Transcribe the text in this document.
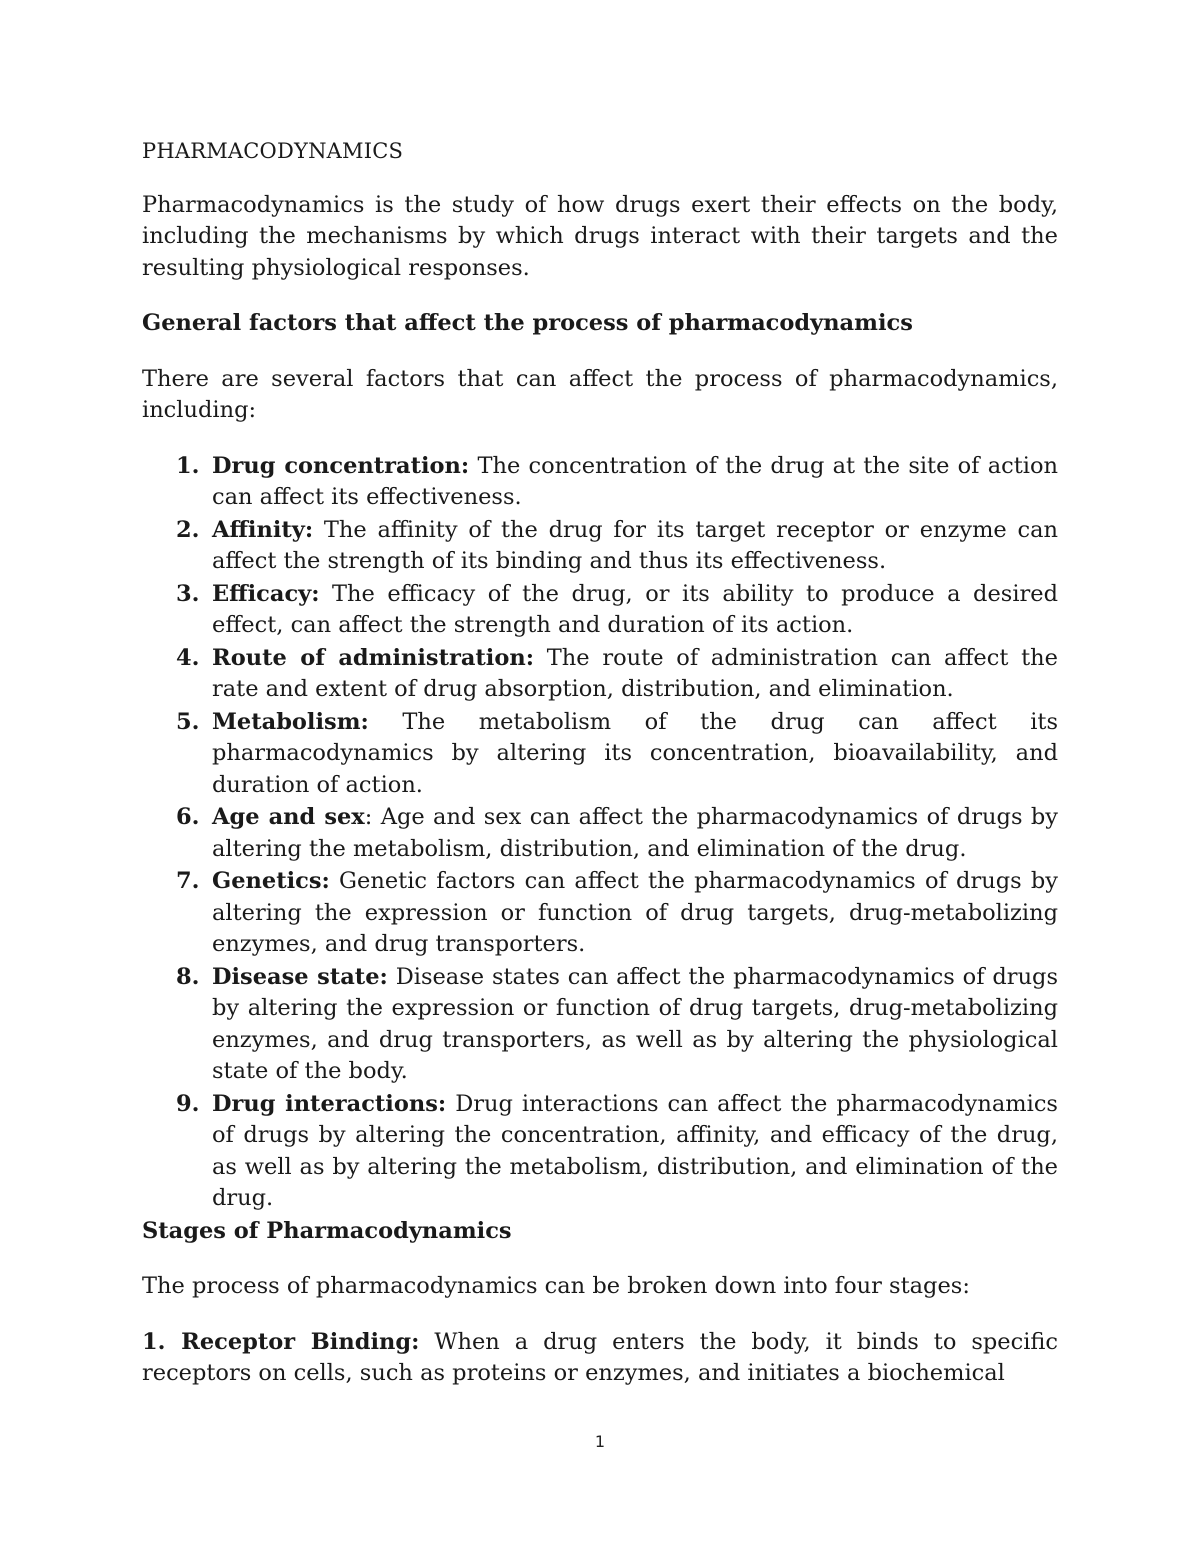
PHARMACODYNAMICS

Pharmacodynamics is the study of how drugs exert their effects on the body, including the mechanisms by which drugs interact with their targets and the resulting physiological responses.

General factors that affect the process of pharmacodynamics

There are several factors that can affect the process of pharmacodynamics, including:

1. Drug concentration: The concentration of the drug at the site of action can affect its effectiveness.
2. Affinity: The affinity of the drug for its target receptor or enzyme can affect the strength of its binding and thus its effectiveness.
3. Efficacy: The efficacy of the drug, or its ability to produce a desired effect, can affect the strength and duration of its action.
4. Route of administration: The route of administration can affect the rate and extent of drug absorption, distribution, and elimination.
5. Metabolism: The metabolism of the drug can affect its pharmacodynamics by altering its concentration, bioavailability, and duration of action.
6. Age and sex: Age and sex can affect the pharmacodynamics of drugs by altering the metabolism, distribution, and elimination of the drug.
7. Genetics: Genetic factors can affect the pharmacodynamics of drugs by altering the expression or function of drug targets, drug-metabolizing enzymes, and drug transporters.
8. Disease state: Disease states can affect the pharmacodynamics of drugs by altering the expression or function of drug targets, drug-metabolizing enzymes, and drug transporters, as well as by altering the physiological state of the body.
9. Drug interactions: Drug interactions can affect the pharmacodynamics of drugs by altering the concentration, affinity, and efficacy of the drug, as well as by altering the metabolism, distribution, and elimination of the drug.
Stages of Pharmacodynamics

The process of pharmacodynamics can be broken down into four stages:

1. Receptor Binding: When a drug enters the body, it binds to specific receptors on cells, such as proteins or enzymes, and initiates a biochemical

1
